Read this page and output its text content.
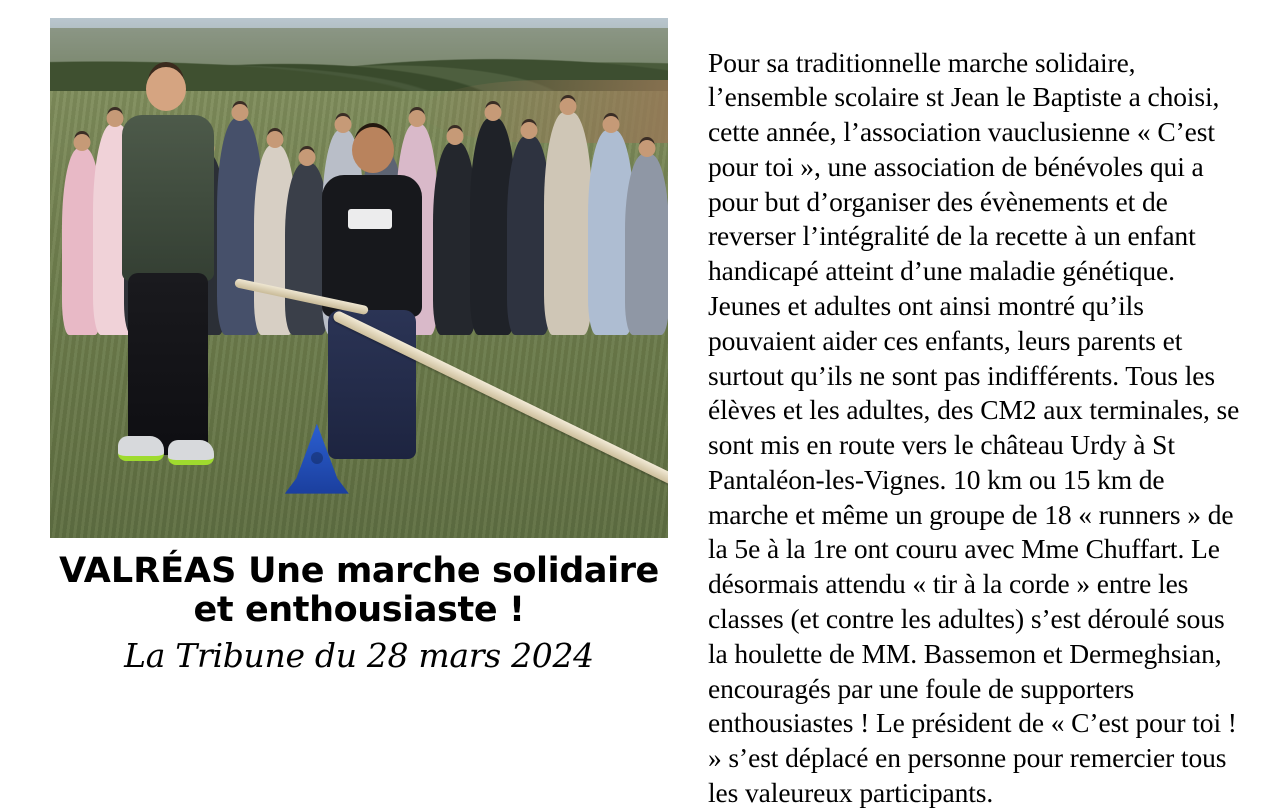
VALRÉAS Une marche solidaire et enthousiaste !
La Tribune du 28 mars 2024

Pour sa traditionnelle marche solidaire, l’ensemble scolaire st Jean le Baptiste a choisi, cette année, l’association vauclusienne « C’est pour toi », une association de bénévoles qui a pour but d’organiser des évènements et de reverser l’intégralité de la recette à un enfant handicapé atteint d’une maladie génétique. Jeunes et adultes ont ainsi montré qu’ils pouvaient aider ces enfants, leurs parents et surtout qu’ils ne sont pas indifférents. Tous les élèves et les adultes, des CM2 aux terminales, se sont mis en route vers le château Urdy à St Pantaléon-les-Vignes. 10 km ou 15 km de marche et même un groupe de 18 « runners » de la 5e à la 1re ont couru avec Mme Chuffart. Le désormais attendu « tir à la corde » entre les classes (et contre les adultes) s’est déroulé sous la houlette de MM. Bassemon et Dermeghsian, encouragés par une foule de supporters enthousiastes ! Le président de « C’est pour toi ! » s’est déplacé en personne pour remercier tous les valeureux participants.
